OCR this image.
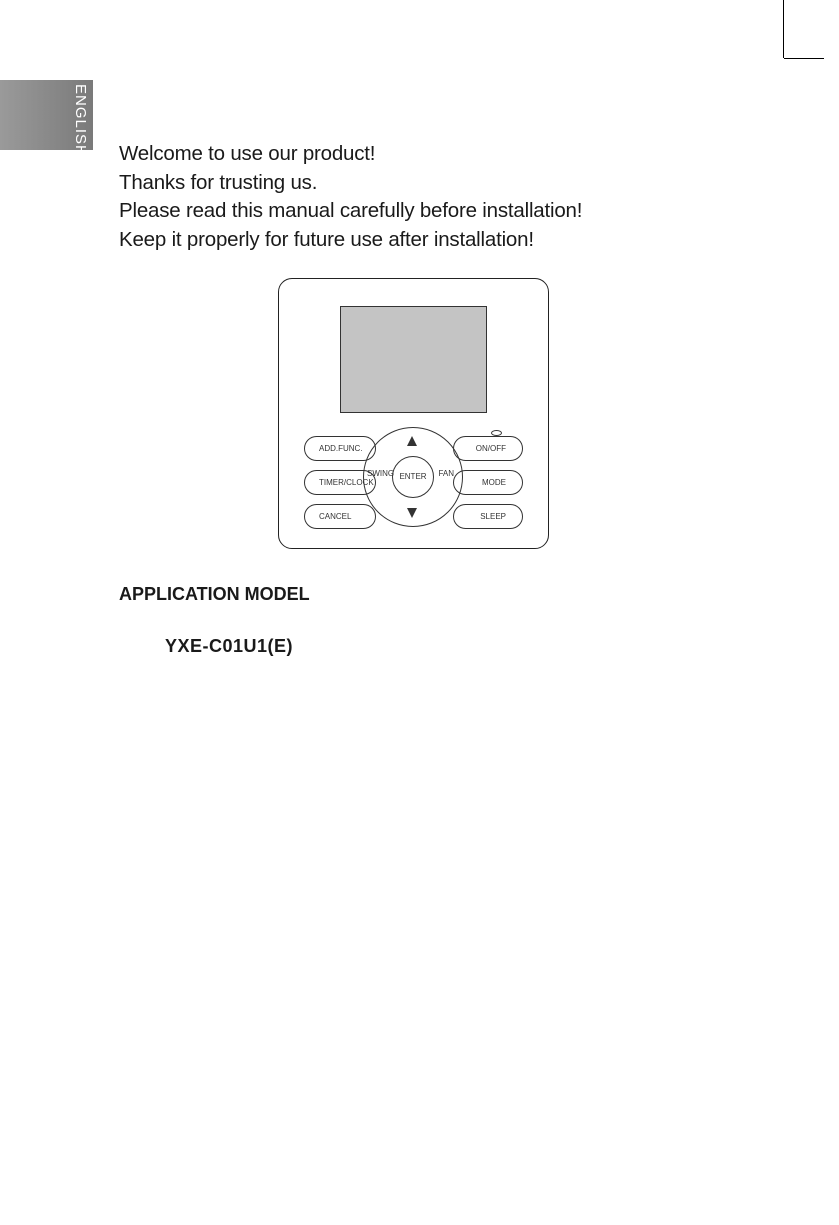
ENGLISH Welcome to use our product!
Thanks for trusting us.
Please read this manual carefully before installation!
Keep it properly for future use after installation!
ADD.FUNC.
TIMER/CLOCK
CANCEL
ON/OFF
MODE
SLEEP
SWING ENTER	FAN
APPLICATION MODEL
YXE-C01U1(E)
